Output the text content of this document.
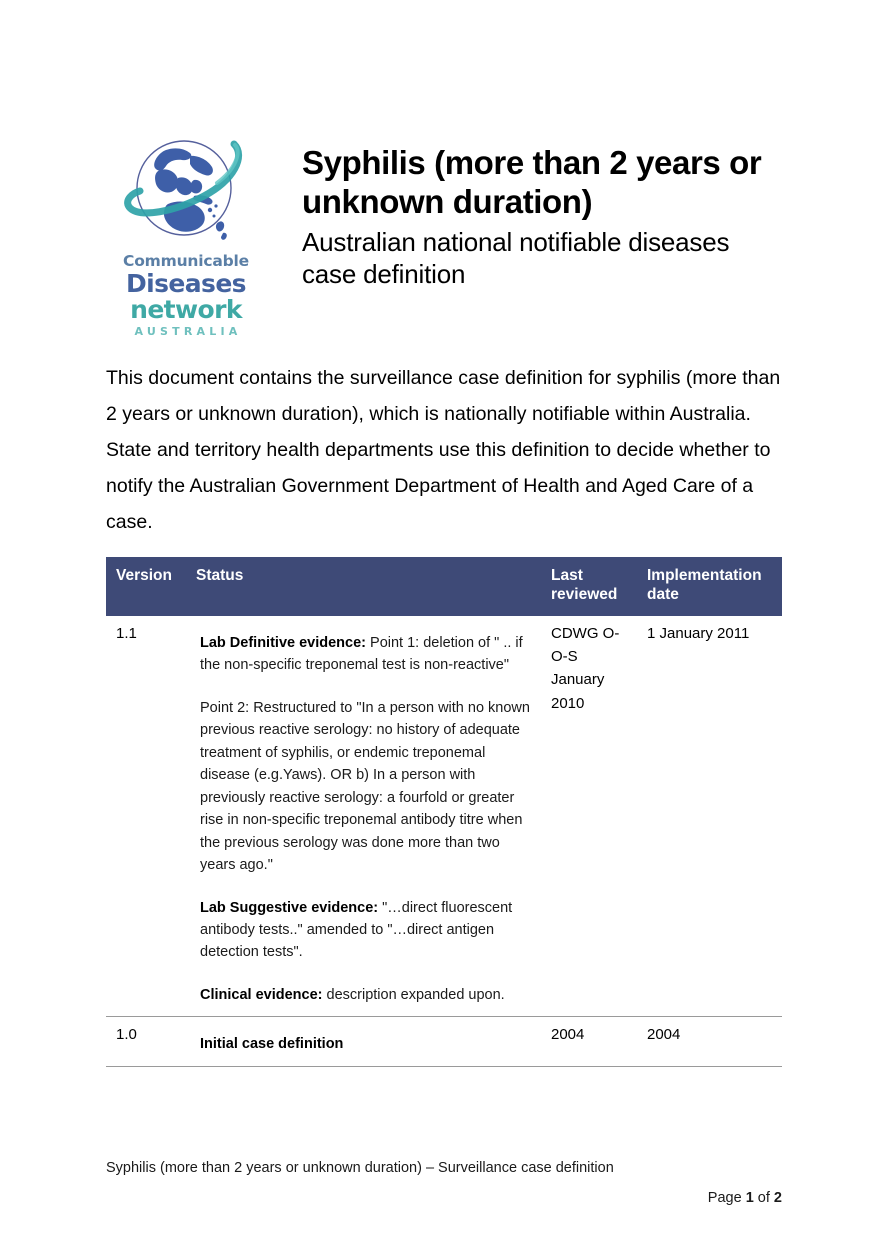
Communicable
Diseases
network
AUSTRALIA
Syphilis (more than 2 years or unknown duration)
Australian national notifiable diseases case definition
This document contains the surveillance case definition for syphilis (more than 2 years or unknown duration), which is nationally notifiable within Australia. State and territory health departments use this definition to decide whether to notify the Australian Government Department of Health and Aged Care of a case.
Version	Status	Last reviewed	Implementation date
1.1	Lab Definitive evidence: Point 1: deletion of " .. if the non-specific treponemal test is non-reactive"

Point 2: Restructured to "In a person with no known previous reactive serology: no history of adequate treatment of syphilis, or endemic treponemal disease (e.g.Yaws). OR b) In a person with previously reactive serology: a fourfold or greater rise in non-specific treponemal antibody titre when the previous serology was done more than two years ago."

Lab Suggestive evidence: "…direct fluorescent antibody tests.." amended to "…direct antigen detection tests".

Clinical evidence: description expanded upon.	CDWG O-O-S January 2010	1 January 2011
1.0	Initial case definition	2004	2004
Syphilis (more than 2 years or unknown duration) – Surveillance case definition
Page 1 of 2
